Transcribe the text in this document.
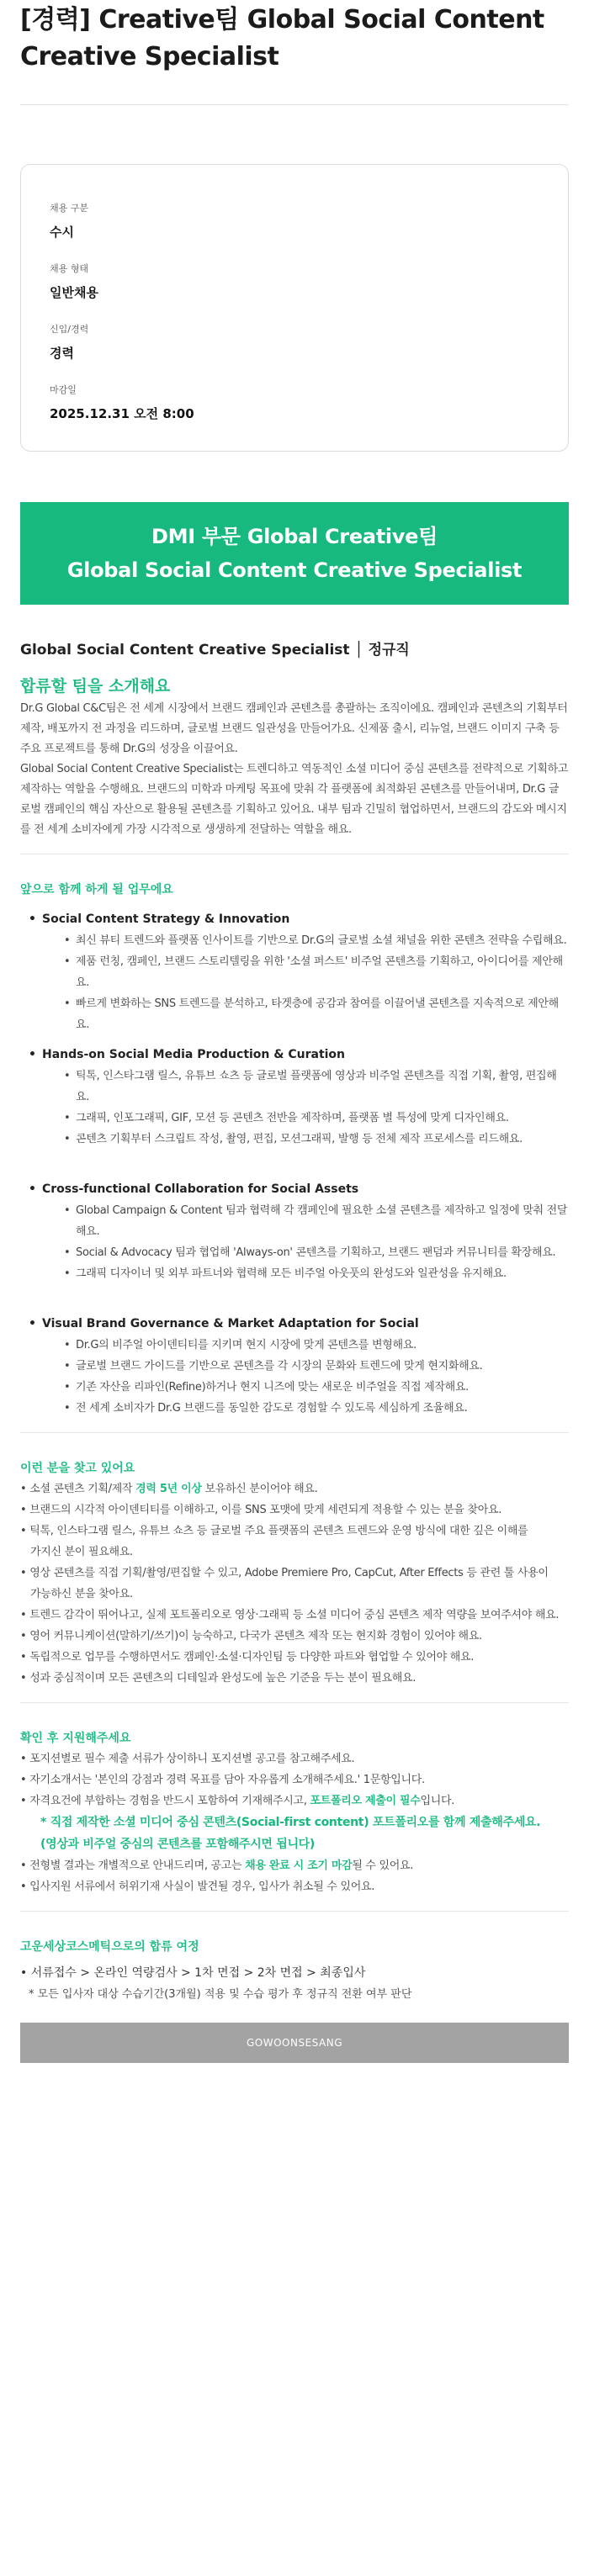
[경력] Creative팀 Global Social Content Creative Specialist
채용 구분
수시
채용 형태
일반채용
신입/경력
경력
마감일
2025.12.31 오전 8:00
DMI 부문 Global Creative팀
Global Social Content Creative Specialist
Global Social Content Creative Specialist │ 정규직
합류할 팀을 소개해요

Dr.G Global C&C팀은 전 세계 시장에서 브랜드 캠페인과 콘텐츠를 총괄하는 조직이에요. 캠페인과 콘텐츠의 기획부터 제작, 배포까지 전 과정을 리드하며, 글로벌 브랜드 일관성을 만들어가요. 신제품 출시, 리뉴얼, 브랜드 이미지 구축 등 주요 프로젝트를 통해 Dr.G의 성장을 이끌어요.

Global Social Content Creative Specialist는 트렌디하고 역동적인 소셜 미디어 중심 콘텐츠를 전략적으로 기획하고 제작하는 역할을 수행해요. 브랜드의 미학과 마케팅 목표에 맞춰 각 플랫폼에 최적화된 콘텐츠를 만들어내며, Dr.G 글로벌 캠페인의 핵심 자산으로 활용될 콘텐츠를 기획하고 있어요. 내부 팀과 긴밀히 협업하면서, 브랜드의 감도와 메시지를 전 세계 소비자에게 가장 시각적으로 생생하게 전달하는 역할을 해요.

앞으로 함께 하게 될 업무에요
• Social Content Strategy & Innovation
• 최신 뷰티 트렌드와 플랫폼 인사이트를 기반으로 Dr.G의 글로벌 소셜 채널을 위한 콘텐츠 전략을 수립해요.
• 제품 런칭, 캠페인, 브랜드 스토리텔링을 위한 '소셜 퍼스트' 비주얼 콘텐츠를 기획하고, 아이디어를 제안해요.
• 빠르게 변화하는 SNS 트렌드를 분석하고, 타겟층에 공감과 참여를 이끌어낼 콘텐츠를 지속적으로 제안해요.
• Hands-on Social Media Production & Curation
• 틱톡, 인스타그램 릴스, 유튜브 쇼츠 등 글로벌 플랫폼에 영상과 비주얼 콘텐츠를 직접 기획, 촬영, 편집해요.
• 그래픽, 인포그래픽, GIF, 모션 등 콘텐츠 전반을 제작하며, 플랫폼 별 특성에 맞게 디자인해요.
• 콘텐츠 기획부터 스크립트 작성, 촬영, 편집, 모션그래픽, 발행 등 전체 제작 프로세스를 리드해요.
• Cross-functional Collaboration for Social Assets
• Global Campaign & Content 팀과 협력해 각 캠페인에 필요한 소셜 콘텐츠를 제작하고 일정에 맞춰 전달해요.
• Social & Advocacy 팀과 협업해 'Always-on' 콘텐츠를 기획하고, 브랜드 팬덤과 커뮤니티를 확장해요.
• 그래픽 디자이너 및 외부 파트너와 협력해 모든 비주얼 아웃풋의 완성도와 일관성을 유지해요.
• Visual Brand Governance & Market Adaptation for Social
• Dr.G의 비주얼 아이덴티티를 지키며 현지 시장에 맞게 콘텐츠를 변형해요.
• 글로벌 브랜드 가이드를 기반으로 콘텐츠를 각 시장의 문화와 트렌드에 맞게 현지화해요.
• 기존 자산을 리파인(Refine)하거나 현지 니즈에 맞는 새로운 비주얼을 직접 제작해요.
• 전 세계 소비자가 Dr.G 브랜드를 동일한 감도로 경험할 수 있도록 세심하게 조율해요.
이런 분을 찾고 있어요
• 소셜 콘텐츠 기획/제작 경력 5년 이상 보유하신 분이어야 해요.
• 브랜드의 시각적 아이덴티티를 이해하고, 이를 SNS 포맷에 맞게 세련되게 적용할 수 있는 분을 찾아요.
• 틱톡, 인스타그램 릴스, 유튜브 쇼츠 등 글로벌 주요 플랫폼의 콘텐츠 트렌드와 운영 방식에 대한 깊은 이해를
가지신 분이 필요해요.
• 영상 콘텐츠를 직접 기획/촬영/편집할 수 있고, Adobe Premiere Pro, CapCut, After Effects 등 관련 툴 사용이
가능하신 분을 찾아요.
• 트렌드 감각이 뛰어나고, 실제 포트폴리오로 영상·그래픽 등 소셜 미디어 중심 콘텐츠 제작 역량을 보여주셔야 해요.
• 영어 커뮤니케이션(말하기/쓰기)이 능숙하고, 다국가 콘텐츠 제작 또는 현지화 경험이 있어야 해요.
• 독립적으로 업무를 수행하면서도 캠페인·소셜·디자인팀 등 다양한 파트와 협업할 수 있어야 해요.
• 성과 중심적이며 모든 콘텐츠의 디테일과 완성도에 높은 기준을 두는 분이 필요해요.
확인 후 지원해주세요
• 포지션별로 필수 제출 서류가 상이하니 포지션별 공고를 참고해주세요.
• 자기소개서는 '본인의 강점과 경력 목표를 담아 자유롭게 소개해주세요.' 1문항입니다.
• 자격요건에 부합하는 경험을 반드시 포함하여 기재해주시고, 포트폴리오 제출이 필수입니다.
* 직접 제작한 소셜 미디어 중심 콘텐츠(Social-first content) 포트폴리오를 함께 제출해주세요.
(영상과 비주얼 중심의 콘텐츠를 포함해주시면 됩니다)
• 전형별 결과는 개별적으로 안내드리며, 공고는 채용 완료 시 조기 마감될 수 있어요.
• 입사지원 서류에서 허위기재 사실이 발견될 경우, 입사가 취소될 수 있어요.
고운세상코스메틱으로의 합류 여정
• 서류접수 > 온라인 역량검사 > 1차 면접 > 2차 면접 > 최종입사
* 모든 입사자 대상 수습기간(3개월) 적용 및 수습 평가 후 정규직 전환 여부 판단
GOWOONSESANG
